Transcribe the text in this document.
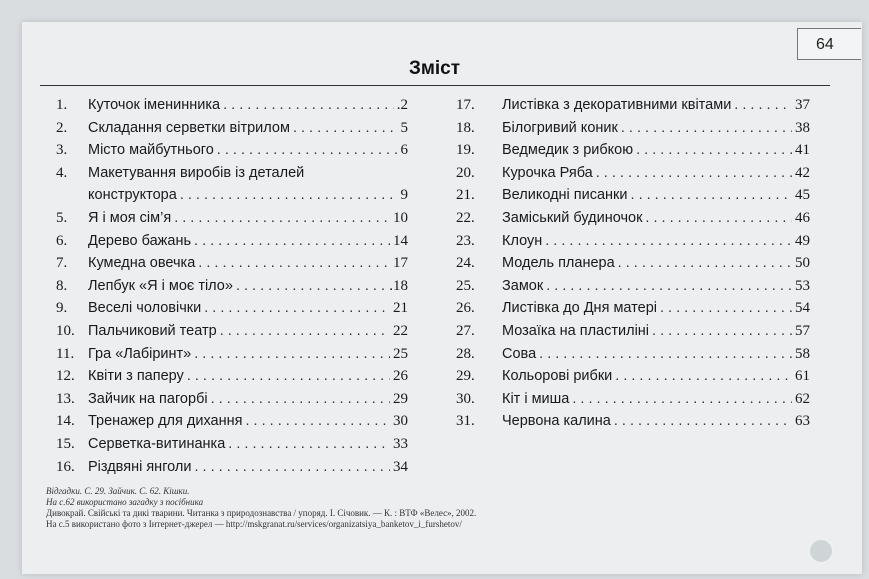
64
Зміст
1.	Куточок іменинника . . .	.2
2.	Складання серветки вітрилом . . .	5
3.	Місто майбутнього . . .	6
4.	Макетування виробів із деталей
конструктора . . .	9
5.	Я і моя сім’я . . .	10
6.	Дерево бажань . . .	14
7.	Кумедна овечка . . .	17
8.	Лепбук «Я і моє тіло» . . .	.18
9.	Веселі чоловічки . . .	21
10. Пальчиковий театр . . .	22
11. Гра «Лабіринт» . . .	25
12. Квіти з паперу . . .	26
13. Зайчик на пагорбі . . .	29
14. Тренажер для дихання . . .	30
15. Серветка-витинанка . . .	33
16. Різдвяні янголи . . .	34
17.	Листівка з декоративними квітами . . .	37
18.	Білогривий коник . . .	38
19.	Ведмедик з рибкою . . .	41
20.	Курочка Ряба . . .	42
21.	Великодні писанки . . .	45
22.	Заміський будиночок . . .	46
23.	Клоун . . .	49
24.	Модель планера . . .	50
25.	Замок . . .	53
26.	Листівка до Дня матері . . .	54
27.	Мозаїка на пластиліні . . .	57
28.	Сова . . .	58
29.	Кольорові рибки . . .	61
30.	Кіт і миша . . .	62
31.	Червона калина . . .	63
Відгадки. С. 29. Зайчик. С. 62. Кішки.
На с.62 використано загадку з посібника
Дивокрай. Свійські та дикі тварини. Читанка з природознавства / упоряд. І. Січовик. — К. : ВТФ «Велес», 2002.
На с.5 використано фото з Інтернет-джерел — http://mskgranat.ru/services/organizatsiya_banketov_i_furshetov/
